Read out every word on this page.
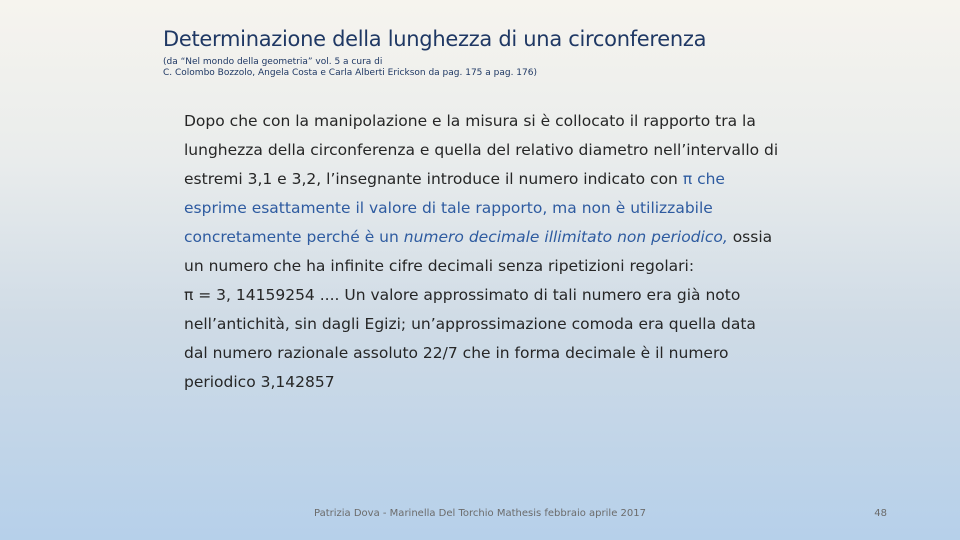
Determinazione della lunghezza di una circonferenza
(da “Nel mondo della geometria” vol. 5 a cura di
C. Colombo Bozzolo, Angela Costa e Carla Alberti Erickson da pag. 175 a pag. 176)
Dopo che con la manipolazione e la misura si è collocato il rapporto tra la lunghezza della circonferenza e quella del relativo diametro nell’intervallo di estremi 3,1 e 3,2, l’insegnante introduce il numero indicato con π che esprime esattamente il valore di tale rapporto, ma non è utilizzabile concretamente perché è un numero decimale illimitato non periodico, ossia un numero che ha infinite cifre decimali senza ripetizioni regolari:
π = 3, 14159254 .... Un valore approssimato di tali numero era già noto nell’antichità, sin dagli Egizi; un’approssimazione comoda era quella data dal numero razionale assoluto 22/7 che in forma decimale è il numero periodico 3,142857
Patrizia Dova - Marinella Del Torchio Mathesis febbraio aprile 2017	48
